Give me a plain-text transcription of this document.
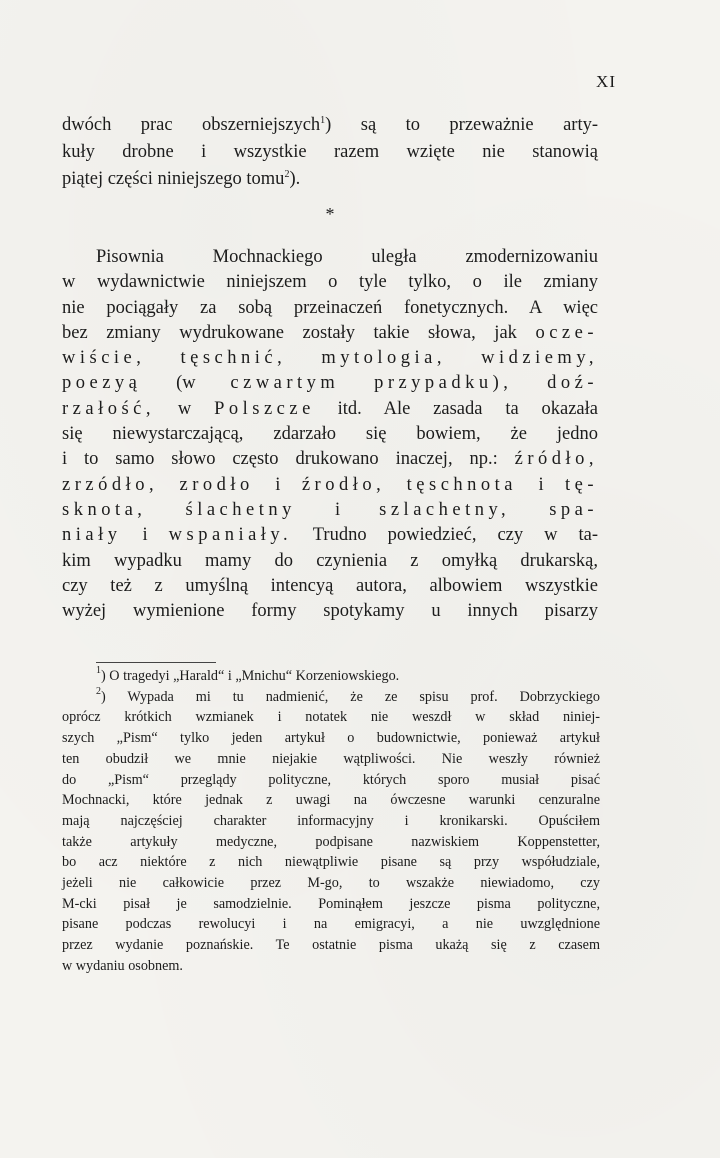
XI
dwóch prac obszerniejszych$^1$) są to przeważnie arty-
kuły drobne i wszystkie razem wzięte nie stanowią
piątej części niniejszego tomu$^2$).
*
Pisownia Mochnackiego uległa zmodernizowaniu
w wydawnictwie niniejszem o tyle tylko, o ile zmiany
nie pociągały za sobą przeinaczeń fonetycznych. A więc
bez zmiany wydrukowane zostały takie słowa, jak ocze-
wiście, tęschnić, mytologia, widziemy,
poezyą (w czwartym przypadku), doź-
rzałość, w Polszcze itd. Ale zasada ta okazała
się niewystarczającą, zdarzało się bowiem, że jedno
i to samo słowo często drukowano inaczej, np.: źródło,
zrzódło, zrodło i źrodło, tęschnota i tę-
sknota, ślachetny i szlachetny, spa-
niały i wspaniały. Trudno powiedzieć, czy w ta-
kim wypadku mamy do czynienia z omyłką drukarską,
czy też z umyślną intencyą autora, albowiem wszystkie
wyżej wymienione formy spotykamy u innych pisarzy
$^1$) O tragedyi „Harald“ i „Mnichu“ Korzeniowskiego.
$^2$) Wypada mi tu nadmienić, że ze spisu prof. Dobrzyckiego
oprócz krótkich wzmianek i notatek nie weszdł w skład niniej-
szych „Pism“ tylko jeden artykuł o budownictwie, ponieważ artykuł
ten obudził we mnie niejakie wątpliwości. Nie weszły również
do „Pism“ przeglądy polityczne, których sporo musiał pisać
Mochnacki, które jednak z uwagi na ówczesne warunki cenzuralne
mają najczęściej charakter informacyjny i kronikarski. Opuściłem
także artykuły medyczne, podpisane nazwiskiem Koppenstetter,
bo acz niektóre z nich niewątpliwie pisane są przy współudziale,
jeżeli nie całkowicie przez M-go, to wszakże niewiadomo, czy
M-cki pisał je samodzielnie. Pominąłem jeszcze pisma polityczne,
pisane podczas rewolucyi i na emigracyi, a nie uwzględnione
przez wydanie poznańskie. Te ostatnie pisma ukażą się z czasem
w wydaniu osobnem.
